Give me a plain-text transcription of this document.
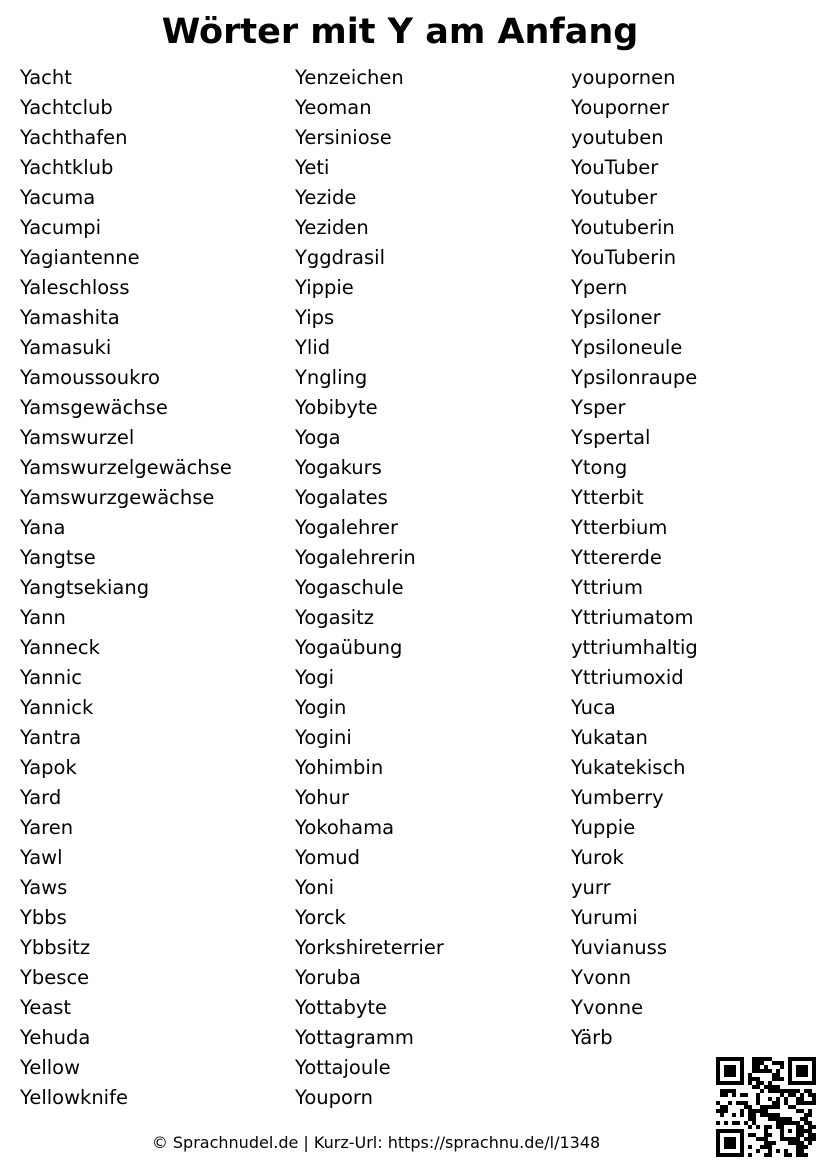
Wörter mit Y am Anfang
Yacht
Yachtclub
Yachthafen
Yachtklub
Yacuma
Yacumpi
Yagiantenne
Yaleschloss
Yamashita
Yamasuki
Yamoussoukro
Yamsgewächse
Yamswurzel
Yamswurzelgewächse
Yamswurzgewächse
Yana
Yangtse
Yangtsekiang
Yann
Yanneck
Yannic
Yannick
Yantra
Yapok
Yard
Yaren
Yawl
Yaws
Ybbs
Ybbsitz
Ybesce
Yeast
Yehuda
Yellow
Yellowknife
Yenzeichen
Yeoman
Yersiniose
Yeti
Yezide
Yeziden
Yggdrasil
Yippie
Yips
Ylid
Yngling
Yobibyte
Yoga
Yogakurs
Yogalates
Yogalehrer
Yogalehrerin
Yogaschule
Yogasitz
Yogaübung
Yogi
Yogin
Yogini
Yohimbin
Yohur
Yokohama
Yomud
Yoni
Yorck
Yorkshireterrier
Yoruba
Yottabyte
Yottagramm
Yottajoule
Youporn
youpornen
Youporner
youtuben
YouTuber
Youtuber
Youtuberin
YouTuberin
Ypern
Ypsiloner
Ypsiloneule
Ypsilonraupe
Ysper
Yspertal
Ytong
Ytterbit
Ytterbium
Yttererde
Yttrium
Yttriumatom
yttriumhaltig
Yttriumoxid
Yuca
Yukatan
Yukatekisch
Yumberry
Yuppie
Yurok
yurr
Yurumi
Yuvianuss
Yvonn
Yvonne
Yärb
© Sprachnudel.de | Kurz-Url: https://sprachnu.de/l/1348
